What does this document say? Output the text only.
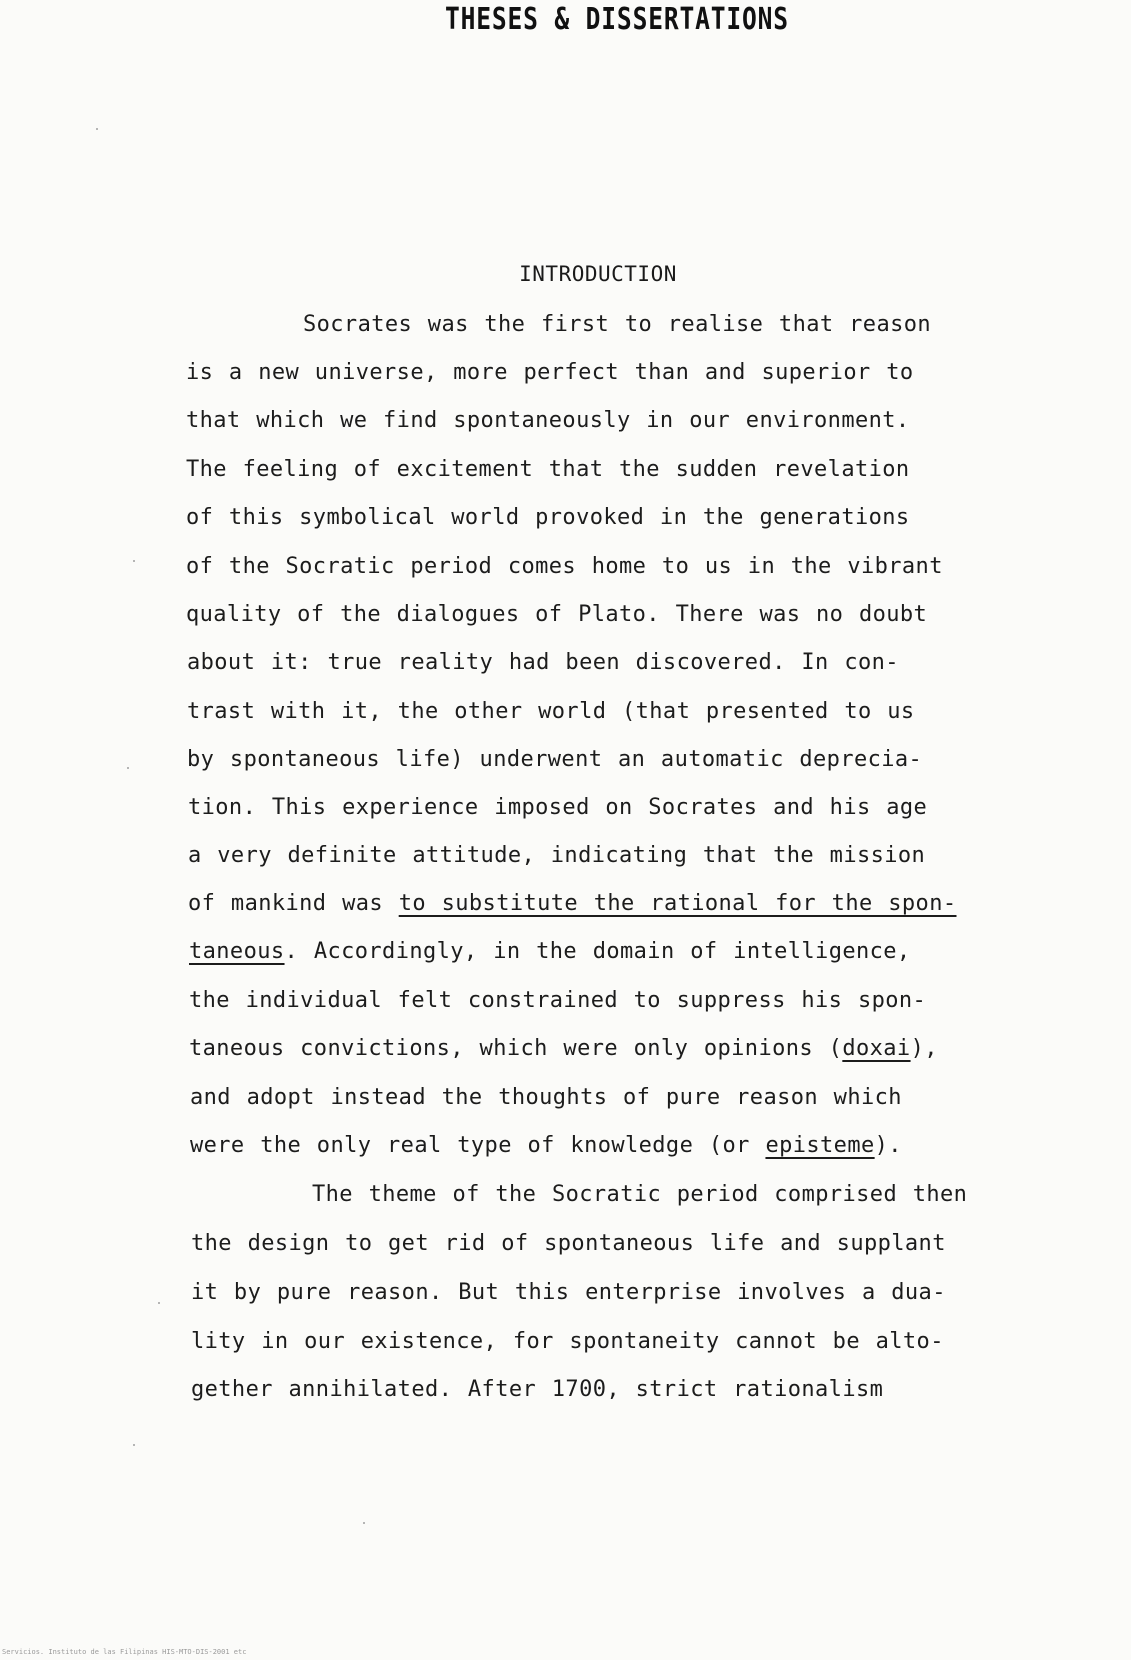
THESES & DISSERTATIONS
INTRODUCTION
Socrates was the first to realise that reason
is a new universe, more perfect than and superior to
that which we find spontaneously in our environment.
The feeling of excitement that the sudden revelation
of this symbolical world provoked in the generations
of the Socratic period comes home to us in the vibrant
quality of the dialogues of Plato. There was no doubt
about it: true reality had been discovered. In con-
trast with it, the other world (that presented to us
by spontaneous life) underwent an automatic deprecia-
tion. This experience imposed on Socrates and his age
a very definite attitude, indicating that the mission
of mankind was to substitute the rational for the spon-
taneous. Accordingly, in the domain of intelligence,
the individual felt constrained to suppress his spon-
taneous convictions, which were only opinions (doxai),
and adopt instead the thoughts of pure reason which
were the only real type of knowledge (or episteme).
The theme of the Socratic period comprised then
the design to get rid of spontaneous life and supplant
it by pure reason. But this enterprise involves a dua-
lity in our existence, for spontaneity cannot be alto-
gether annihilated. After 1700, strict rationalism
Servicios. Instituto de las Filipinas HIS-MTO-DIS-2001 etc
